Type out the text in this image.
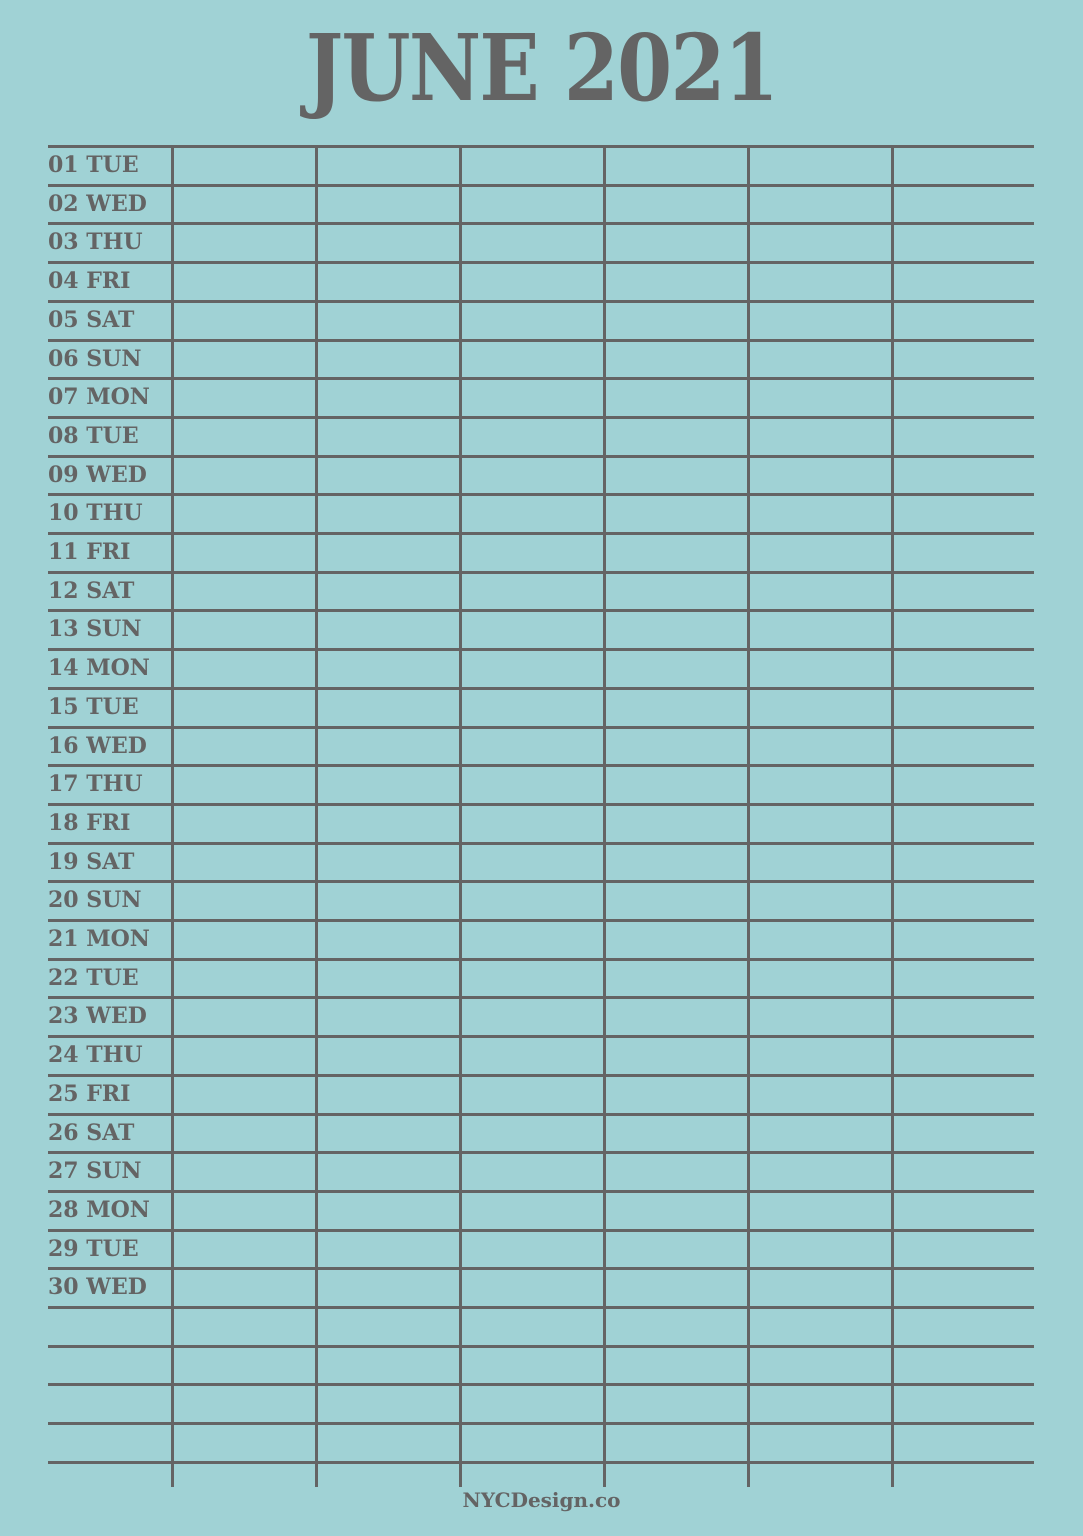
JUNE 2021
01 TUE
02 WED
03 THU
04 FRI
05 SAT
06 SUN
07 MON
08 TUE
09 WED
10 THU
11 FRI
12 SAT
13 SUN
14 MON
15 TUE
16 WED
17 THU
18 FRI
19 SAT
20 SUN
21 MON
22 TUE
23 WED
24 THU
25 FRI
26 SAT
27 SUN
28 MON
29 TUE
30 WED
NYCDesign.co
